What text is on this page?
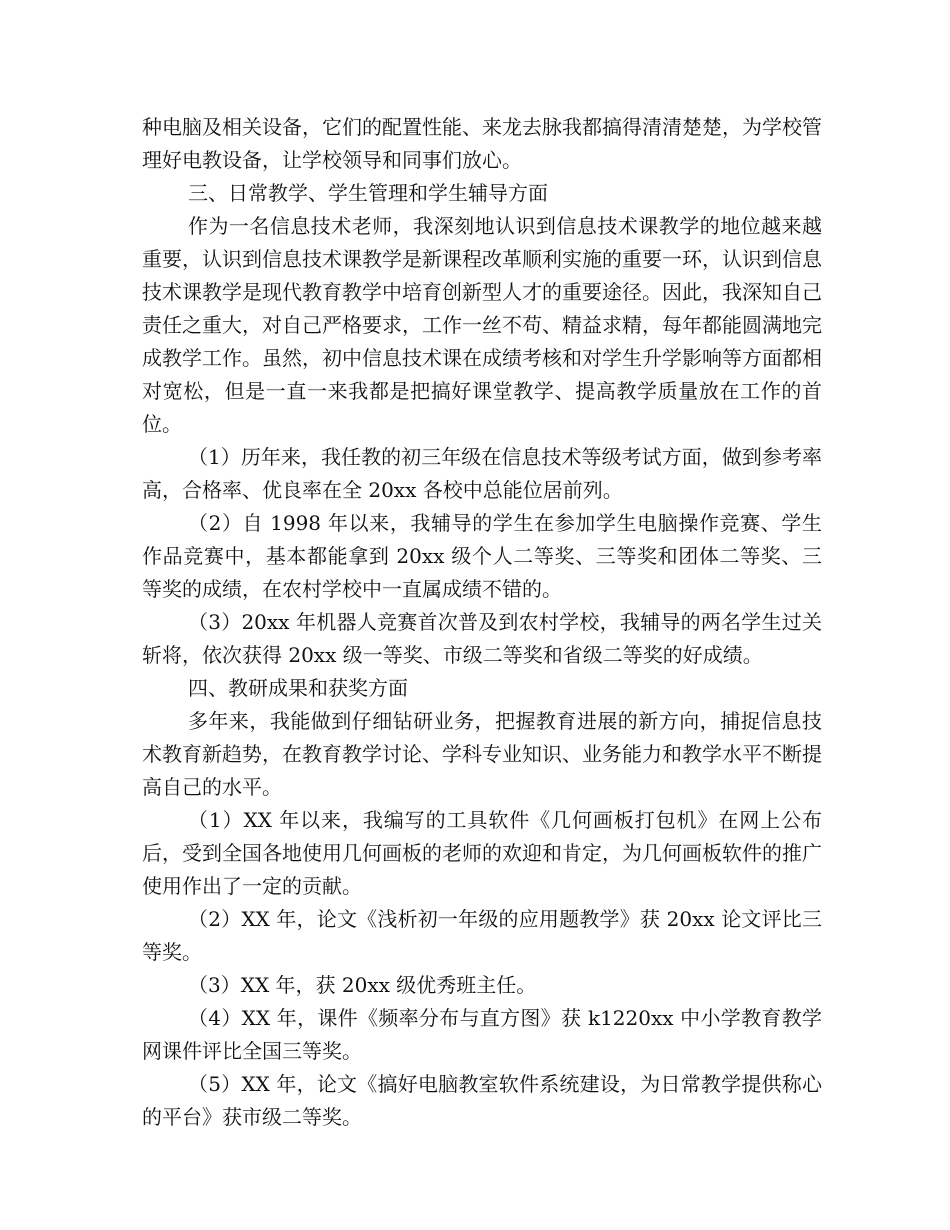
种电脑及相关设备，它们的配置性能、来龙去脉我都搞得清清楚楚，为学校管理好电教设备，让学校领导和同事们放心。

三、日常教学、学生管理和学生辅导方面

作为一名信息技术老师，我深刻地认识到信息技术课教学的地位越来越重要，认识到信息技术课教学是新课程改革顺利实施的重要一环，认识到信息技术课教学是现代教育教学中培育创新型人才的重要途径。因此，我深知自己责任之重大，对自己严格要求，工作一丝不苟、精益求精，每年都能圆满地完成教学工作。虽然，初中信息技术课在成绩考核和对学生升学影响等方面都相对宽松，但是一直一来我都是把搞好课堂教学、提高教学质量放在工作的首位。

（1）历年来，我任教的初三年级在信息技术等级考试方面，做到参考率高，合格率、优良率在全 20xx 各校中总能位居前列。

（2）自 1998 年以来，我辅导的学生在参加学生电脑操作竞赛、学生作品竞赛中，基本都能拿到 20xx 级个人二等奖、三等奖和团体二等奖、三等奖的成绩，在农村学校中一直属成绩不错的。

（3）20xx 年机器人竞赛首次普及到农村学校，我辅导的两名学生过关斩将，依次获得 20xx 级一等奖、市级二等奖和省级二等奖的好成绩。

四、教研成果和获奖方面

多年来，我能做到仔细钻研业务，把握教育进展的新方向，捕捉信息技术教育新趋势，在教育教学讨论、学科专业知识、业务能力和教学水平不断提高自己的水平。

（1）XX 年以来，我编写的工具软件《几何画板打包机》在网上公布后，受到全国各地使用几何画板的老师的欢迎和肯定，为几何画板软件的推广使用作出了一定的贡献。

（2）XX 年，论文《浅析初一年级的应用题教学》获 20xx 论文评比三等奖。

（3）XX 年，获 20xx 级优秀班主任。

（4）XX 年，课件《频率分布与直方图》获 k1220xx 中小学教育教学网课件评比全国三等奖。

（5）XX 年，论文《搞好电脑教室软件系统建设，为日常教学提供称心的平台》获市级二等奖。
